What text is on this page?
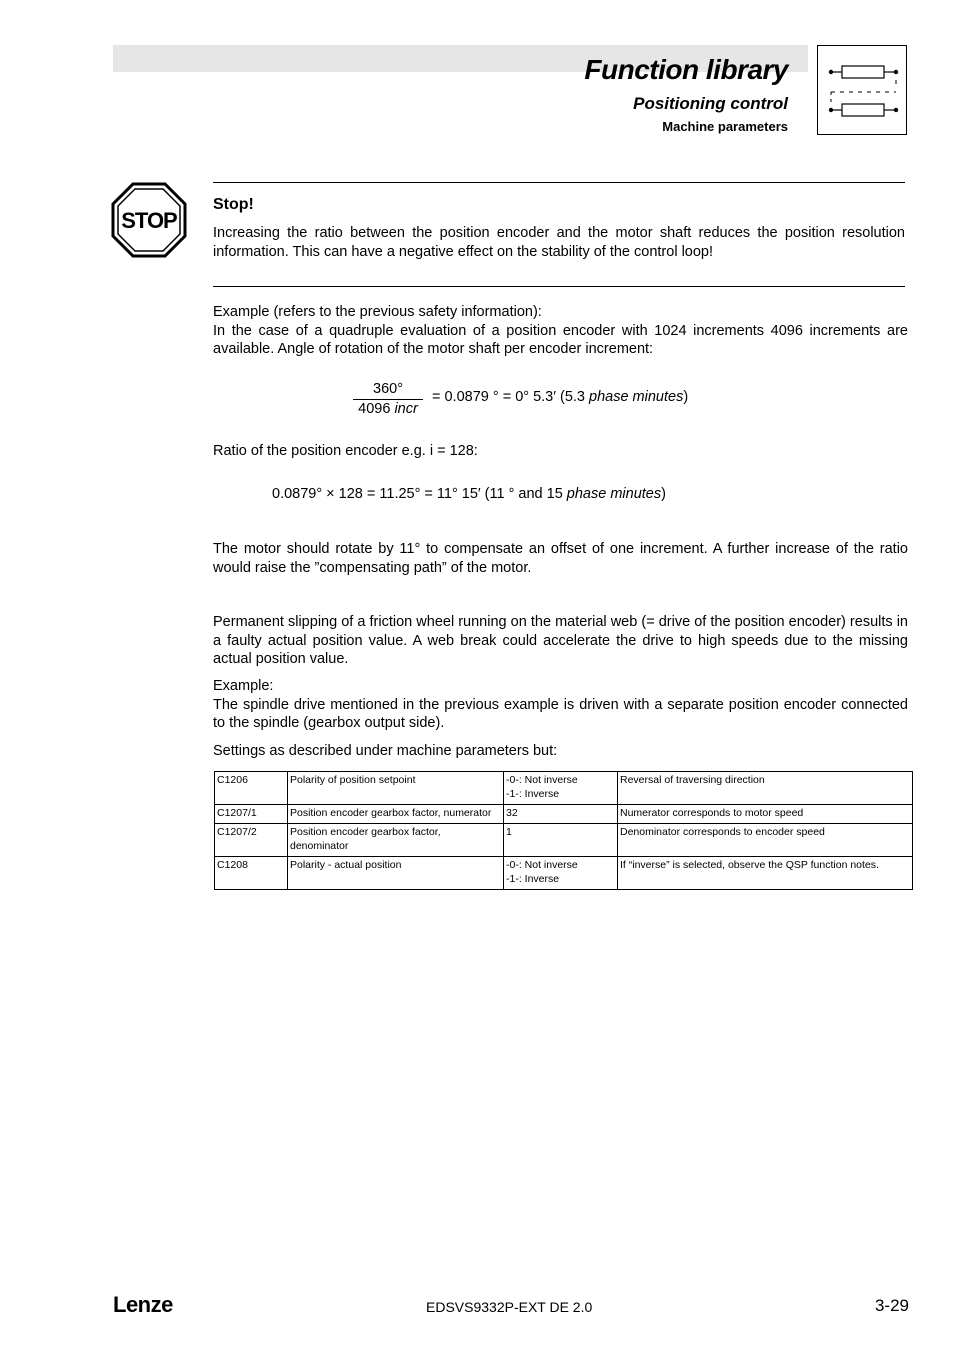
Function library
Positioning control
Machine parameters
STOP
Stop!

Increasing the ratio between the position encoder and the motor shaft reduces the position resolution information. This can have a negative effect on the stability of the control loop!

Example (refers to the previous safety information):
In the case of a quadruple evaluation of a position encoder with 1024 increments 4096 increments are available. Angle of rotation of the motor shaft per encoder increment:

360°
4096 incr
= 0.0879 ° = 0° 5.3′ (5.3 phase minutes)

Ratio of the position encoder e.g. i = 128:

0.0879° × 128 = 11.25° = 11° 15′ (11 ° and 15 phase minutes)

The motor should rotate by 11° to compensate an offset of one increment. A further increase of the ratio would raise the ”compensating path” of the motor.

Permanent slipping of a friction wheel running on the material web (= drive of the position encoder) results in a faulty actual position value. A web break could accelerate the drive to high speeds due to the missing actual position value.

Example:
The spindle drive mentioned in the previous example is driven with a separate position encoder connected to the spindle (gearbox output side).

Settings as described under machine parameters but:

C1206	Polarity of position setpoint	-0-: Not inverse
-1-: Inverse	Reversal of traversing direction
C1207/1	Position encoder gearbox factor, numerator	32	Numerator corresponds to motor speed
C1207/2	Position encoder gearbox factor, denominator	1	Denominator corresponds to encoder speed
C1208	Polarity - actual position	-0-: Not inverse
-1-: Inverse	If “inverse” is selected, observe the QSP function notes.
Lenze	EDSVS9332P-EXT DE 2.0	3-29
